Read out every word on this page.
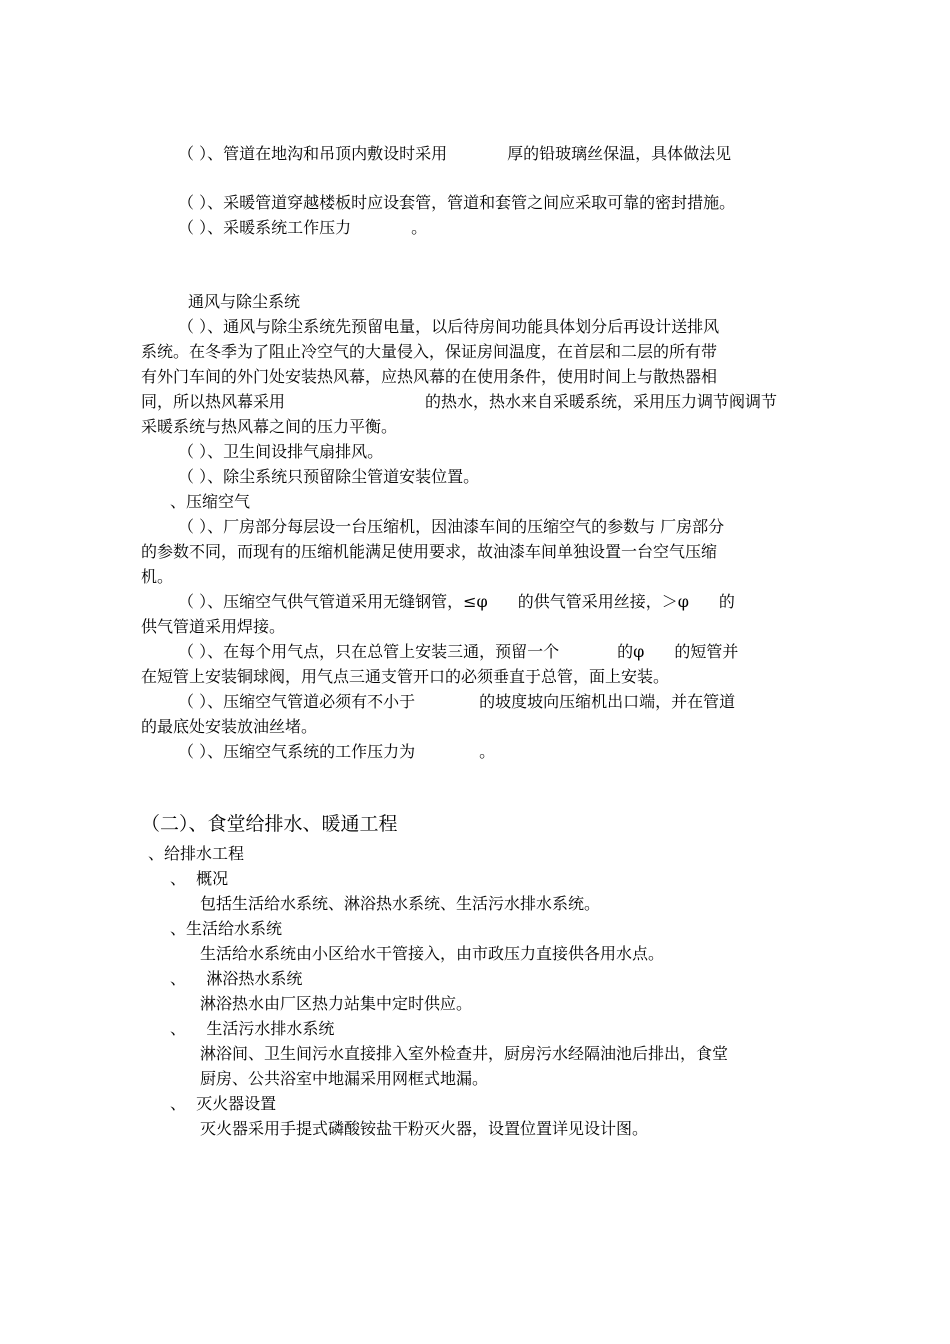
（ ）、管道在地沟和吊顶内敷设时采用	厚的铅玻璃丝保温，具体做法见
（ ）、采暖管道穿越楼板时应设套管，管道和套管之间应采取可靠的密封措施。
（ ）、采暖系统工作压力	。
通风与除尘系统
（ ）、通风与除尘系统先预留电量，以后待房间功能具体划分后再设计送排风
系统。在冬季为了阻止冷空气的大量侵入，保证房间温度，在首层和二层的所有带
有外门车间的外门处安装热风幕，应热风幕的在使用条件，使用时间上与散热器相
同，所以热风幕采用	的热水，热水来自采暖系统，采用压力调节阀调节
采暖系统与热风幕之间的压力平衡。
（ ）、卫生间设排气扇排风。
（ ）、除尘系统只预留除尘管道安装位置。
、压缩空气
（ ）、厂房部分每层设一台压缩机，因油漆车间的压缩空气的参数与 厂房部分
的参数不同，而现有的压缩机能满足使用要求，故油漆车间单独设置一台空气压缩
机。
（ ）、压缩空气供气管道采用无缝钢管，≤φ 的供气管采用丝接，＞φ 的
供气管道采用焊接。
（ ）、在每个用气点，只在总管上安装三通，预留一个	的φ 的短管并
在短管上安装铜球阀，用气点三通支管开口的必须垂直于总管，面上安装。
（ ）、压缩空气管道必须有不小于	的坡度坡向压缩机出口端，并在管道
的最底处安装放油丝堵。
（ ）、压缩空气系统的工作压力为	。
（二）、食堂给排水、暖通工程
、给排水工程
、  概况
包括生活给水系统、淋浴热水系统、生活污水排水系统。
、生活给水系统
生活给水系统由小区给水干管接入，由市政压力直接供各用水点。
、    淋浴热水系统
淋浴热水由厂区热力站集中定时供应。
、    生活污水排水系统
淋浴间、卫生间污水直接排入室外检查井，厨房污水经隔油池后排出，食堂
厨房、公共浴室中地漏采用网框式地漏。
、  灭火器设置
灭火器采用手提式磷酸铵盐干粉灭火器，设置位置详见设计图。
